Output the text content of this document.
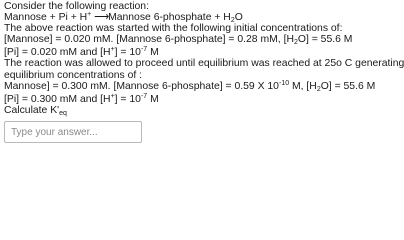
Consider the following reaction:

Mannose + Pi + H+ ⟶Mannose 6-phosphate + $H_2O$

The above reaction was started with the following initial concentrations of:

[Mannose] = 0.020 mM. [Mannose 6-phosphate] = 0.28 mM, $[H_2O] = 55.6$ M

[Pi] = 0.020 mM and $[H^+] = 10^{-7}$ M

The reaction was allowed to proceed until equilibrium was reached at 25o C generating

equilibrium concentrations of :

Mannose] = 0.300 mM. [Mannose 6-phosphate] = 0.59 X $10^{-10}$ M, $[H_2O] = 55.6$ M

[Pi] = 0.300 mM and $[H^+] = 10^{-7}$ M

Calculate $K'_{eq}$

Type your answer...
